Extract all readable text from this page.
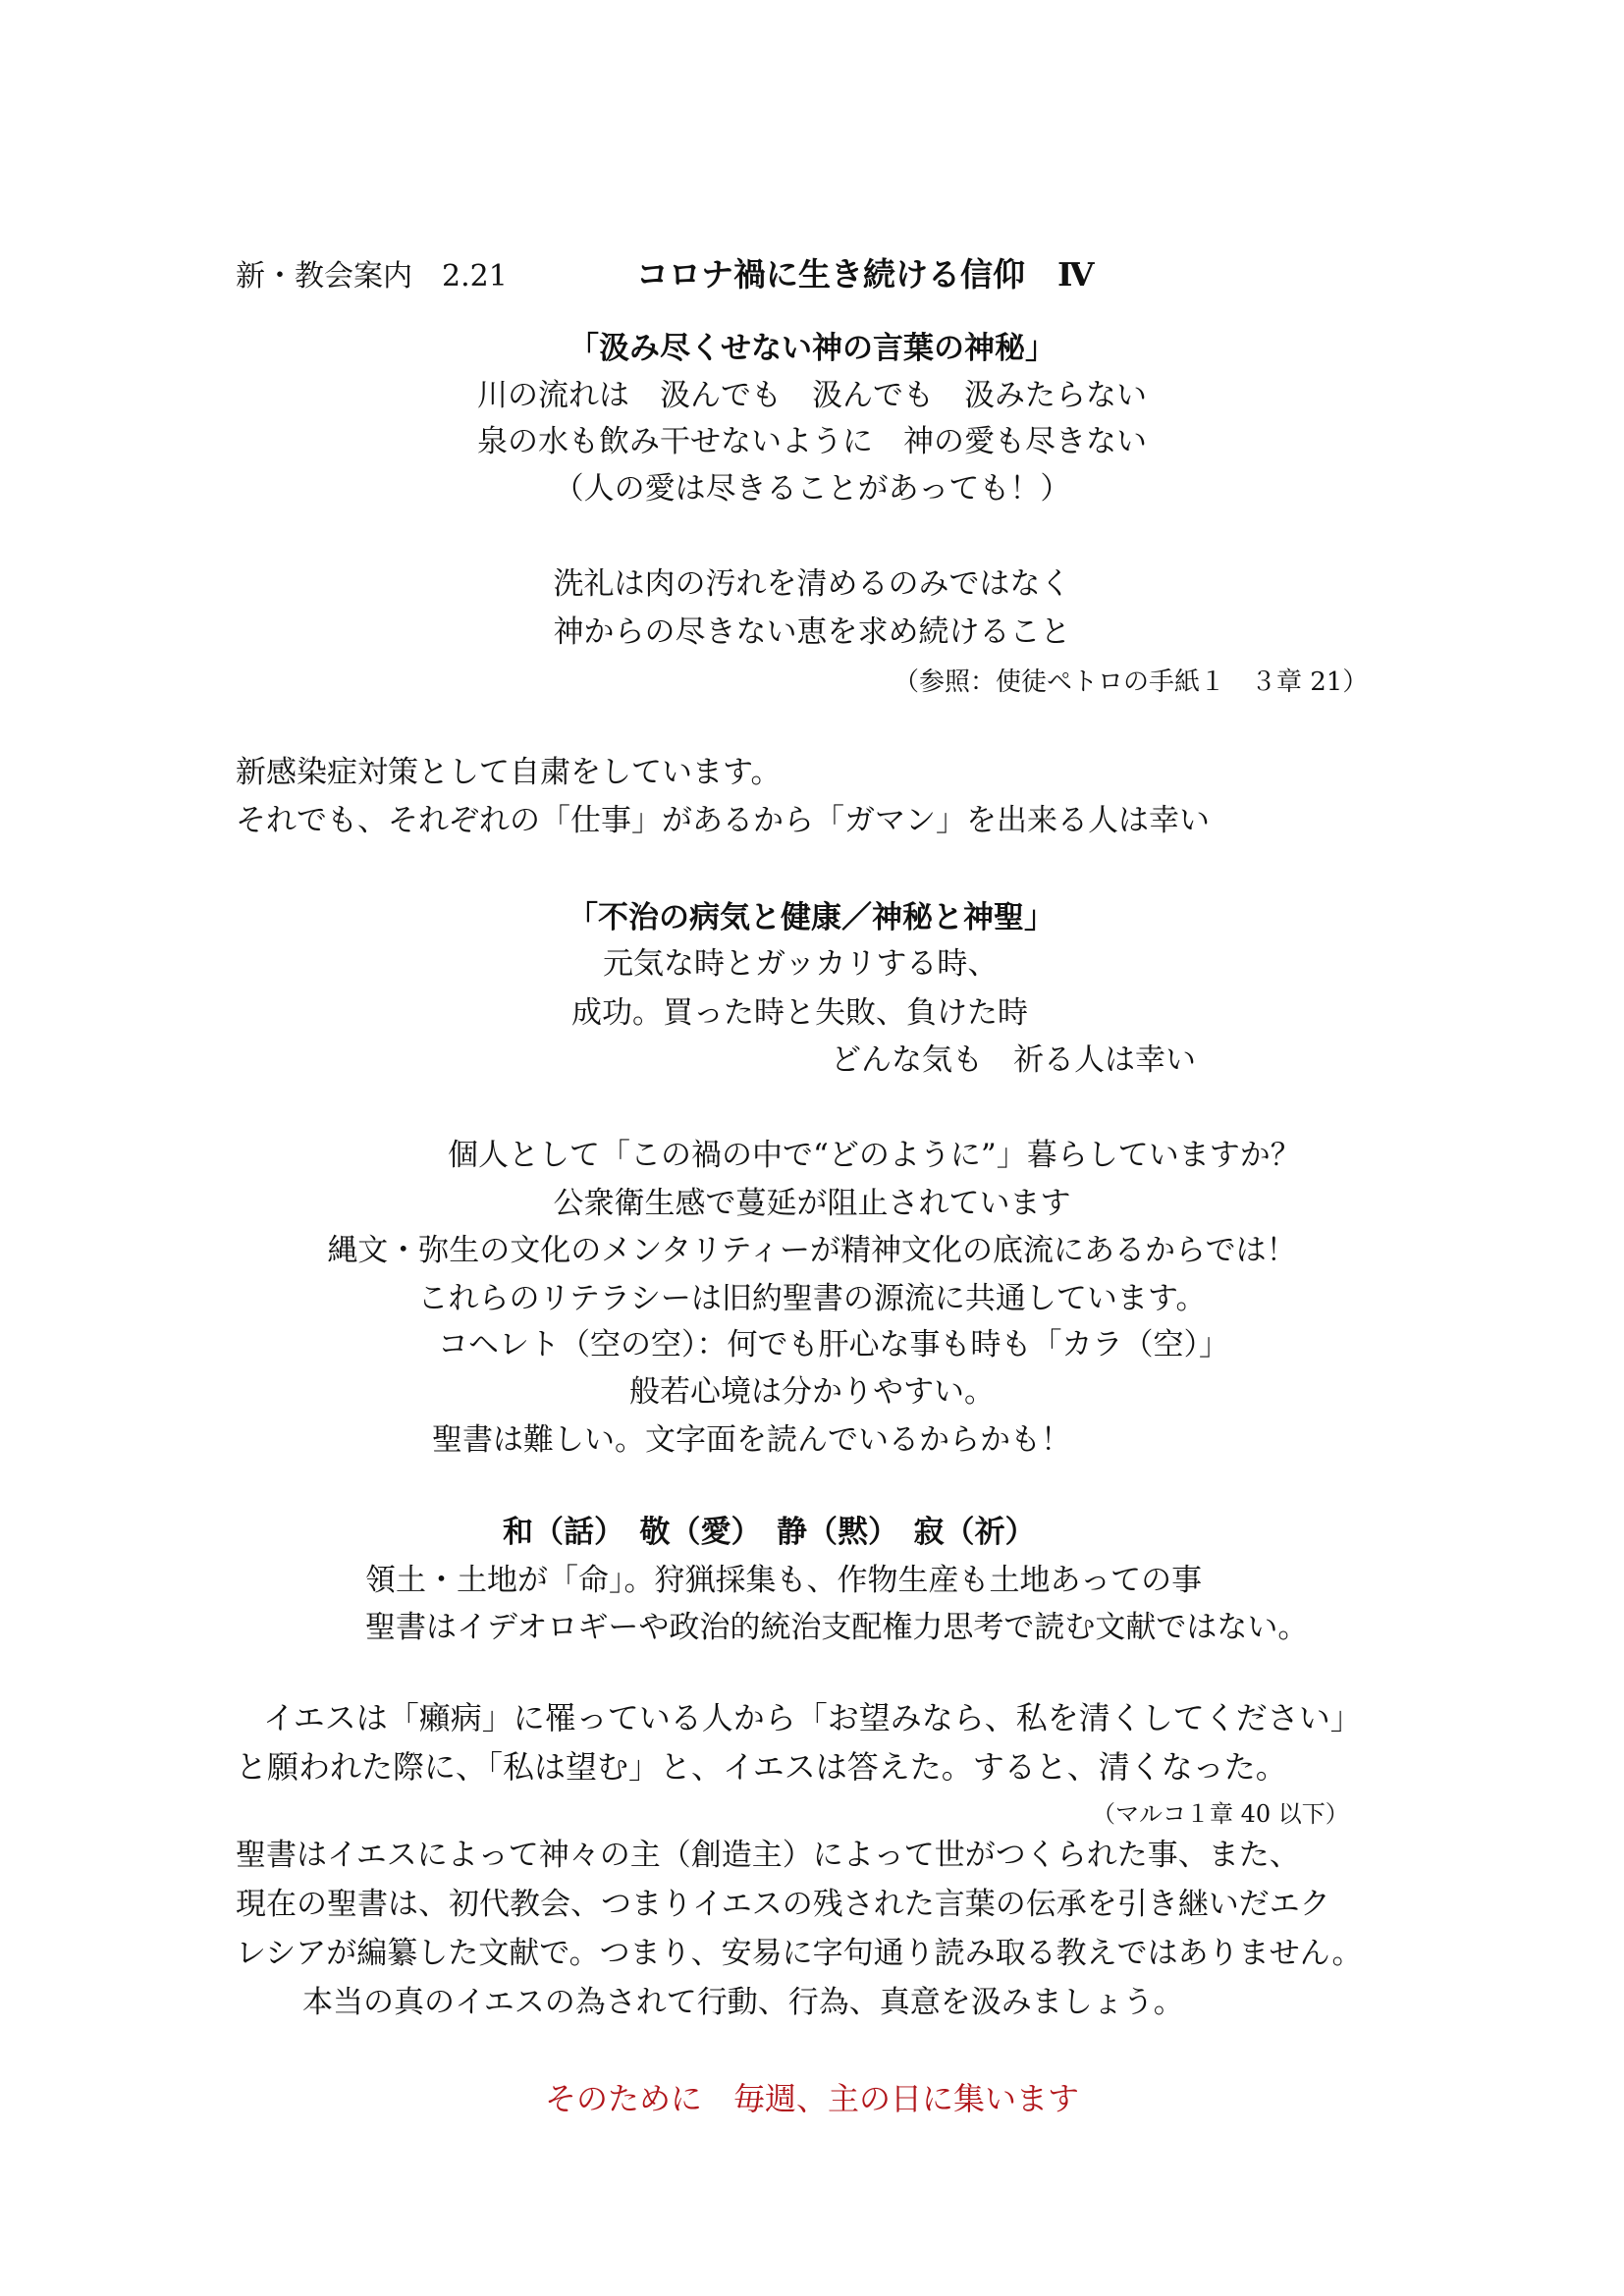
新・教会案内　2.21	コロナ禍に生き続ける信仰　Ⅳ
「汲み尽くせない神の言葉の神秘」
川の流れは　汲んでも　汲んでも　汲みたらない
泉の水も飲み干せないように　神の愛も尽きない
（人の愛は尽きることがあっても！）
洗礼は肉の汚れを清めるのみではなく
神からの尽きない恵を求め続けること
（参照：使徒ペトロの手紙１　３章 21）
新感染症対策として自粛をしています。
それでも、それぞれの「仕事」があるから「ガマン」を出来る人は幸い
「不治の病気と健康／神秘と神聖」
元気な時とガッカリする時、
成功。買った時と失敗、負けた時
どんな気も　祈る人は幸い
個人として「この禍の中で“どのように”」暮らしていますか？
公衆衛生感で蔓延が阻止されています
縄文・弥生の文化のメンタリティーが精神文化の底流にあるからでは！
これらのリテラシーは旧約聖書の源流に共通しています。
コヘレト（空の空）：何でも肝心な事も時も「カラ（空）」
般若心境は分かりやすい。
聖書は難しい。文字面を読んでいるからかも！
和（話）　敬（愛）　静（黙）　寂（祈）
領土・土地が「命」。狩猟採集も、作物生産も土地あっての事
聖書はイデオロギーや政治的統治支配権力思考で読む文献ではない。
イエスは「癩病」に罹っている人から「お望みなら、私を清くしてください」
と願われた際に、「私は望む」と、イエスは答えた。すると、清くなった。
（マルコ１章 40 以下）
聖書はイエスによって神々の主（創造主）によって世がつくられた事、また、
現在の聖書は、初代教会、つまりイエスの残された言葉の伝承を引き継いだエク
レシアが編纂した文献で。つまり、安易に字句通り読み取る教えではありません。
本当の真のイエスの為されて行動、行為、真意を汲みましょう。
そのために　毎週、主の日に集います
